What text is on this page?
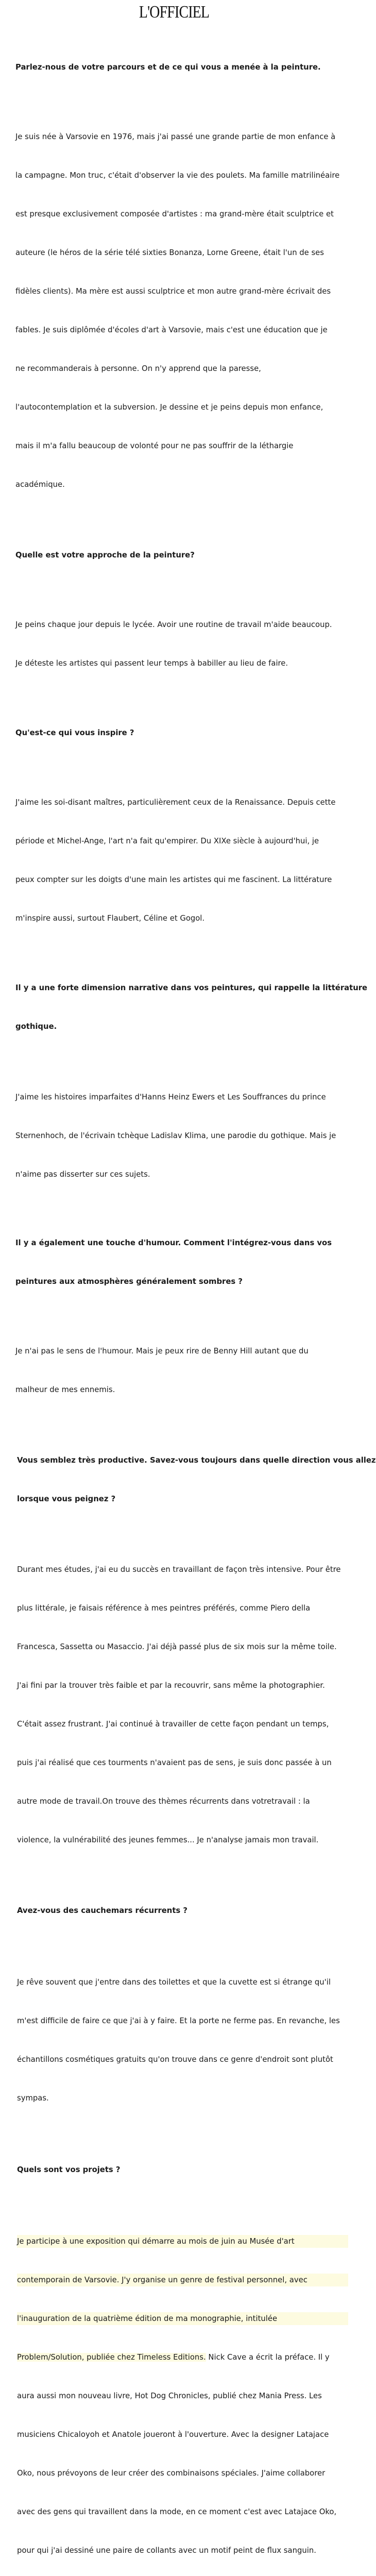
L'OFFICIEL

Parlez-nous de votre parcours et de ce qui vous a menée à la peinture.

Je suis née à Varsovie en 1976, mais j'ai passé une grande partie de mon enfance à

la campagne. Mon truc, c'était d'observer la vie des poulets. Ma famille matrilinéaire

est presque exclusivement composée d'artistes : ma grand-mère était sculptrice et

auteure (le héros de la série télé sixties Bonanza, Lorne Greene, était l'un de ses

fidèles clients). Ma mère est aussi sculptrice et mon autre grand-mère écrivait des

fables. Je suis diplômée d'écoles d'art à Varsovie, mais c'est une éducation que je

ne recommanderais à personne. On n'y apprend que la paresse,

l'autocontemplation et la subversion. Je dessine et je peins depuis mon enfance,

mais il m'a fallu beaucoup de volonté pour ne pas souffrir de la léthargie

académique.

Quelle est votre approche de la peinture?

Je peins chaque jour depuis le lycée. Avoir une routine de travail m'aide beaucoup.

Je déteste les artistes qui passent leur temps à babiller au lieu de faire.

Qu'est-ce qui vous inspire ?

J'aime les soi-disant maîtres, particulièrement ceux de la Renaissance. Depuis cette

période et Michel-Ange, l'art n'a fait qu'empirer. Du XIXe siècle à aujourd'hui, je

peux compter sur les doigts d'une main les artistes qui me fascinent. La littérature

m'inspire aussi, surtout Flaubert, Céline et Gogol.

Il y a une forte dimension narrative dans vos peintures, qui rappelle la littérature

gothique.

J'aime les histoires imparfaites d'Hanns Heinz Ewers et Les Souffrances du prince

Sternenhoch, de l'écrivain tchèque Ladislav Klima, une parodie du gothique. Mais je

n'aime pas disserter sur ces sujets.

Il y a également une touche d'humour. Comment l'intégrez-vous dans vos

peintures aux atmosphères généralement sombres ?

Je n'ai pas le sens de l'humour. Mais je peux rire de Benny Hill autant que du

malheur de mes ennemis.

Vous semblez très productive. Savez-vous toujours dans quelle direction vous allez

lorsque vous peignez ?

Durant mes études, j'ai eu du succès en travaillant de façon très intensive. Pour être

plus littérale, je faisais référence à mes peintres préférés, comme Piero della

Francesca, Sassetta ou Masaccio. J'ai déjà passé plus de six mois sur la même toile.

J'ai fini par la trouver très faible et par la recouvrir, sans même la photographier.

C'était assez frustrant. J'ai continué à travailler de cette façon pendant un temps,

puis j'ai réalisé que ces tourments n'avaient pas de sens, je suis donc passée à un

autre mode de travail.On trouve des thèmes récurrents dans votretravail : la

violence, la vulnérabilité des jeunes femmes... Je n'analyse jamais mon travail.

Avez-vous des cauchemars récurrents ?

Je rêve souvent que j'entre dans des toilettes et que la cuvette est si étrange qu'il

m'est difficile de faire ce que j'ai à y faire. Et la porte ne ferme pas. En revanche, les

échantillons cosmétiques gratuits qu'on trouve dans ce genre d'endroit sont plutôt

sympas.

Quels sont vos projets ?

Je participe à une exposition qui démarre au mois de juin au Musée d'art

contemporain de Varsovie. J'y organise un genre de festival personnel, avec

l'inauguration de la quatrième édition de ma monographie, intitulée

Problem/Solution, publiée chez Timeless Editions. Nick Cave a écrit la préface. Il y

aura aussi mon nouveau livre, Hot Dog Chronicles, publié chez Mania Press. Les

musiciens Chicaloyoh et Anatole joueront à l'ouverture. Avec la designer Latajace

Oko, nous prévoyons de leur créer des combinaisons spéciales. J'aime collaborer

avec des gens qui travaillent dans la mode, en ce moment c'est avec Latajace Oko,

pour qui j'ai dessiné une paire de collants avec un motif peint de flux sanguin.
